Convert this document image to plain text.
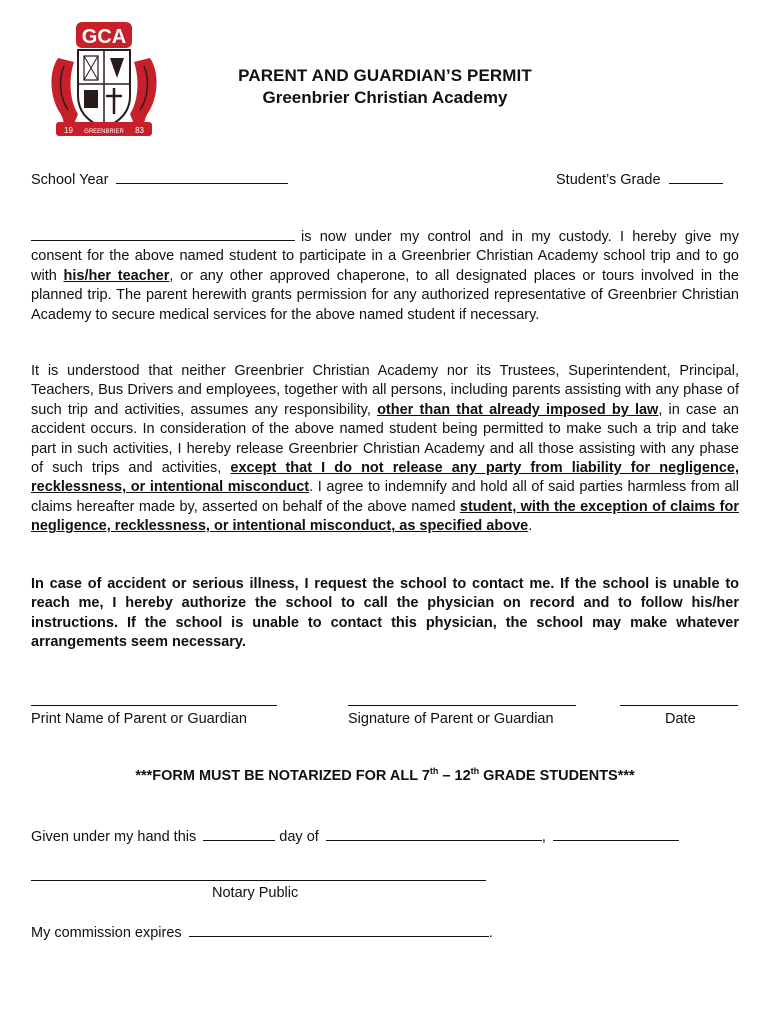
GCA
19 GREENBRIER 83
PARENT AND GUARDIAN’S PERMIT
Greenbrier Christian Academy
School Year	Student’s Grade

is now under my control and in my custody. I hereby give my consent for the above named student to participate in a Greenbrier Christian Academy school trip and to go with his/her teacher, or any other approved chaperone, to all designated places or tours involved in the planned trip. The parent herewith grants permission for any authorized representative of Greenbrier Christian Academy to secure medical services for the above named student if necessary.

It is understood that neither Greenbrier Christian Academy nor its Trustees, Superintendent, Principal, Teachers, Bus Drivers and employees, together with all persons, including parents assisting with any phase of such trip and activities, assumes any responsibility, other than that already imposed by law, in case an accident occurs. In consideration of the above named student being permitted to make such a trip and take part in such activities, I hereby release Greenbrier Christian Academy and all those assisting with any phase of such trips and activities, except that I do not release any party from liability for negligence, recklessness, or intentional misconduct. I agree to indemnify and hold all of said parties harmless from all claims hereafter made by, asserted on behalf of the above named student, with the exception of claims for negligence, recklessness, or intentional misconduct, as specified above.

In case of accident or serious illness, I request the school to contact me. If the school is unable to reach me, I hereby authorize the school to call the physician on record and to follow his/her instructions. If the school is unable to contact this physician, the school may make whatever arrangements seem necessary.

Print Name of Parent or Guardian	Signature of Parent or Guardian	Date
***FORM MUST BE NOTARIZED FOR ALL 7th – 12th GRADE STUDENTS***
Given under my hand this	day of	,
Notary Public
My commission expires	.
